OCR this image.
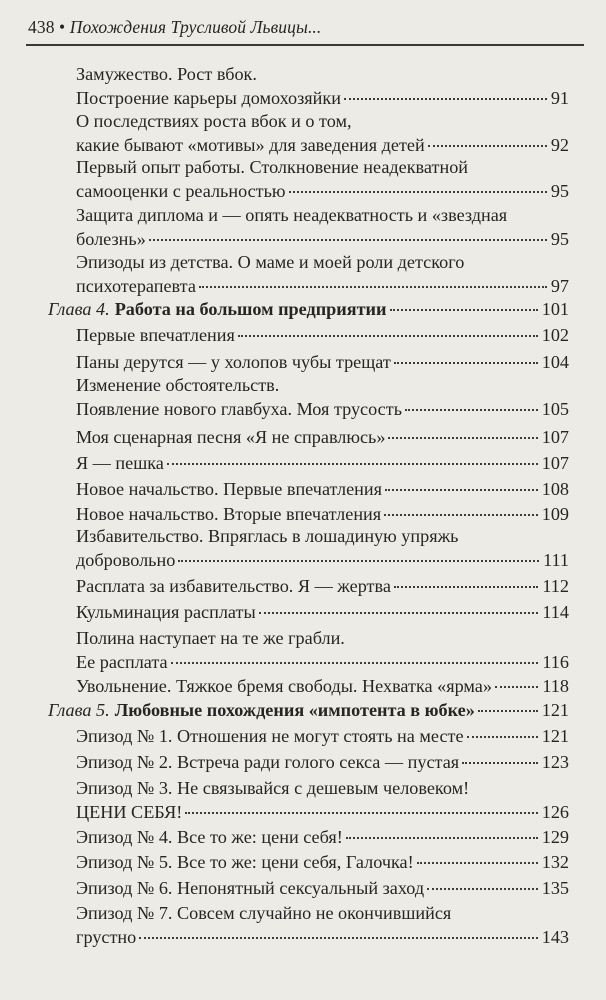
438 • Похождения Трусливой Львицы...
Замужество. Рост вбок.
Построение карьеры домохозяйки	91
О последствиях роста вбок и о том,
какие бывают «мотивы» для заведения детей	92
Первый опыт работы. Столкновение неадекватной
самооценки с реальностью	95
Защита диплома и — опять неадекватность и «звездная
болезнь»	95
Эпизоды из детства. О маме и моей роли детского
психотерапевта	97
Глава 4. Работа на большом предприятии	101
Первые впечатления	102
Паны дерутся — у холопов чубы трещат	104
Изменение обстоятельств.
Появление нового главбуха. Моя трусость	105
Моя сценарная песня «Я не справлюсь»	107
Я — пешка	107
Новое начальство. Первые впечатления	108
Новое начальство. Вторые впечатления	109
Избавительство. Впряглась в лошадиную упряжь
добровольно	111
Расплата за избавительство. Я — жертва	112
Кульминация расплаты	114
Полина наступает на те же грабли.
Ее расплата	116
Увольнение. Тяжкое бремя свободы. Нехватка «ярма»	118
Глава 5. Любовные похождения «импотента в юбке»	121
Эпизод № 1. Отношения не могут стоять на месте	121
Эпизод № 2. Встреча ради голого секса — пустая	123
Эпизод № 3. Не связывайся с дешевым человеком!
ЦЕНИ СЕБЯ!	126
Эпизод № 4. Все то же: цени себя!	129
Эпизод № 5. Все то же: цени себя, Галочка!	132
Эпизод № 6. Непонятный сексуальный заход	135
Эпизод № 7. Совсем случайно не окончившийся
грустно	143
